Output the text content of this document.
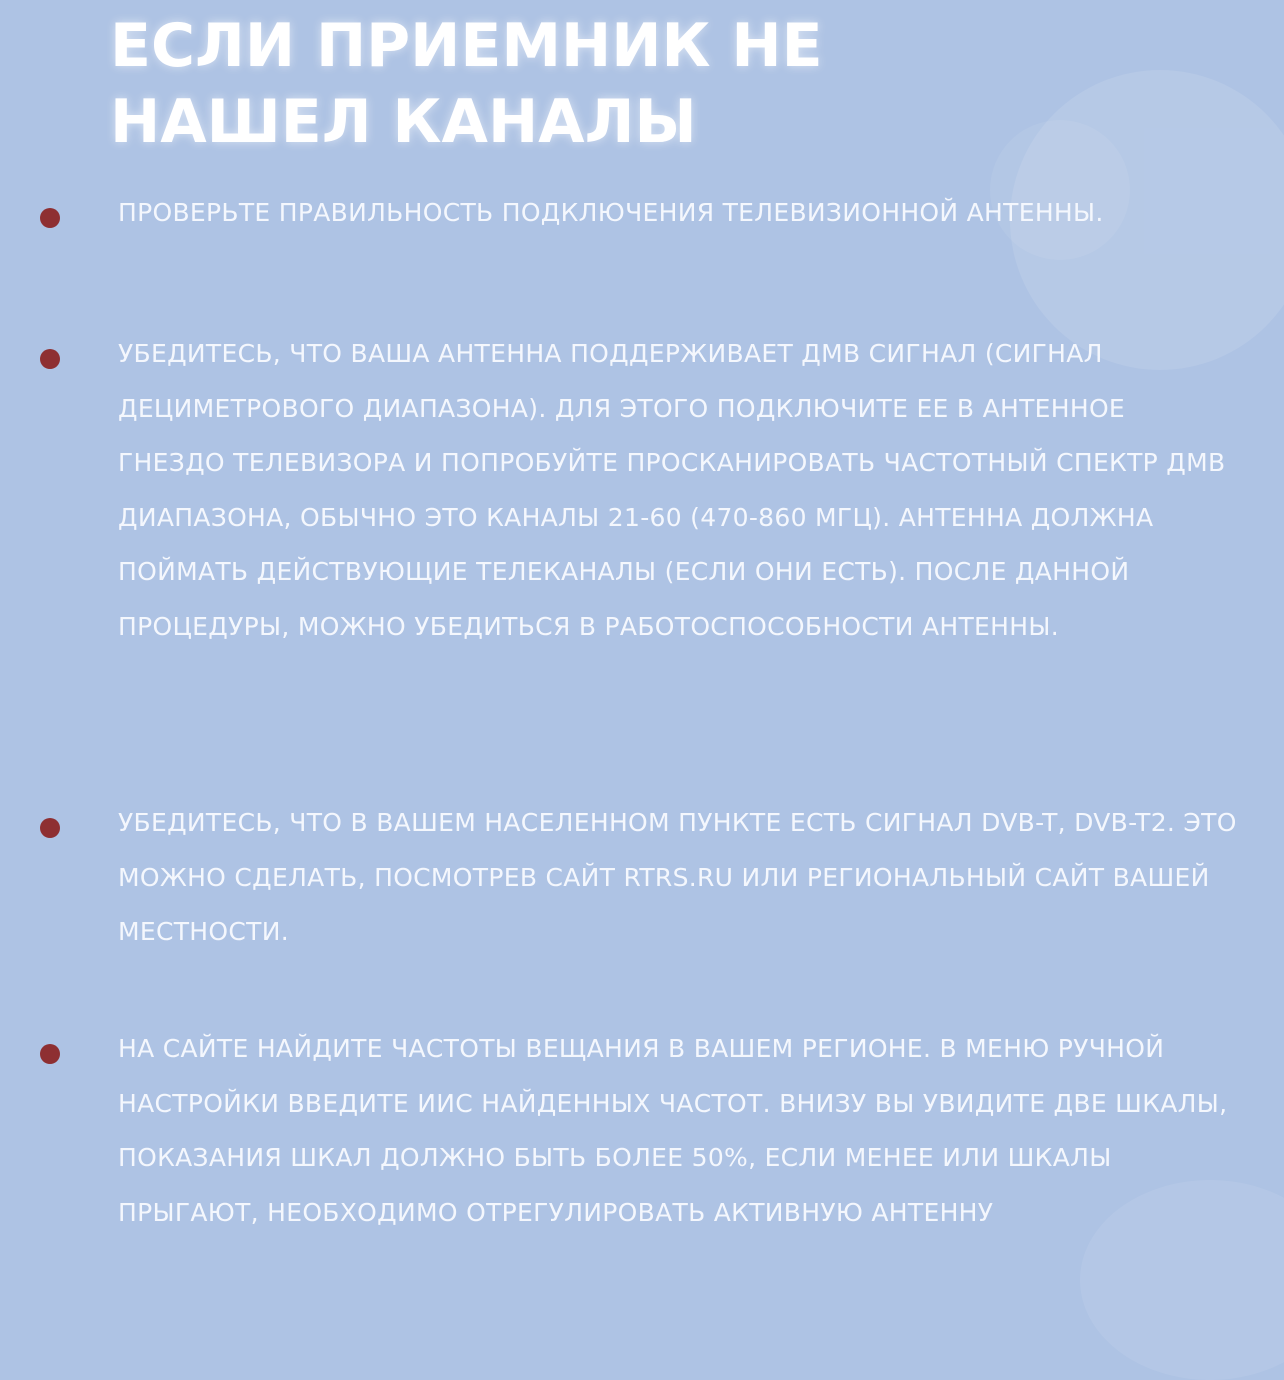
ЕСЛИ ПРИЕМНИК НЕ
НАШЕЛ КАНАЛЫ

ПРОВЕРЬТЕ ПРАВИЛЬНОСТЬ ПОДКЛЮЧЕНИЯ ТЕЛЕВИЗИОННОЙ АНТЕННЫ.

УБЕДИТЕСЬ, ЧТО ВАША АНТЕННА ПОДДЕРЖИВАЕТ ДМВ СИГНАЛ (СИГНАЛ ДЕЦИМЕТРОВОГО ДИАПАЗОНА). ДЛЯ ЭТОГО ПОДКЛЮЧИТЕ ЕЕ В АНТЕННОЕ ГНЕЗДО ТЕЛЕВИЗОРА И ПОПРОБУЙТЕ ПРОСКАНИРОВАТЬ ЧАСТОТНЫЙ СПЕКТР ДМВ ДИАПАЗОНА, ОБЫЧНО ЭТО КАНАЛЫ 21-60 (470-860 МГЦ). АНТЕННА ДОЛЖНА ПОЙМАТЬ ДЕЙСТВУЮЩИЕ ТЕЛЕКАНАЛЫ (ЕСЛИ ОНИ ЕСТЬ). ПОСЛЕ ДАННОЙ ПРОЦЕДУРЫ, МОЖНО УБЕДИТЬСЯ В РАБОТОСПОСОБНОСТИ АНТЕННЫ.

УБЕДИТЕСЬ, ЧТО В ВАШЕМ НАСЕЛЕННОМ ПУНКТЕ ЕСТЬ СИГНАЛ DVB-T, DVB-T2. ЭТО МОЖНО СДЕЛАТЬ, ПОСМОТРЕВ САЙТ RTRS.RU ИЛИ РЕГИОНАЛЬНЫЙ САЙТ ВАШЕЙ МЕСТНОСТИ.

НА САЙТЕ НАЙДИТЕ ЧАСТОТЫ ВЕЩАНИЯ В ВАШЕМ РЕГИОНЕ. В МЕНЮ РУЧНОЙ НАСТРОЙКИ ВВЕДИТЕ ИИС НАЙДЕННЫХ ЧАСТОТ. ВНИЗУ ВЫ УВИДИТЕ ДВЕ ШКАЛЫ, ПОКАЗАНИЯ ШКАЛ ДОЛЖНО БЫТЬ БОЛЕЕ 50%, ЕСЛИ МЕНЕЕ ИЛИ ШКАЛЫ ПРЫГАЮТ, НЕОБХОДИМО ОТРЕГУЛИРОВАТЬ АКТИВНУЮ АНТЕННУ
